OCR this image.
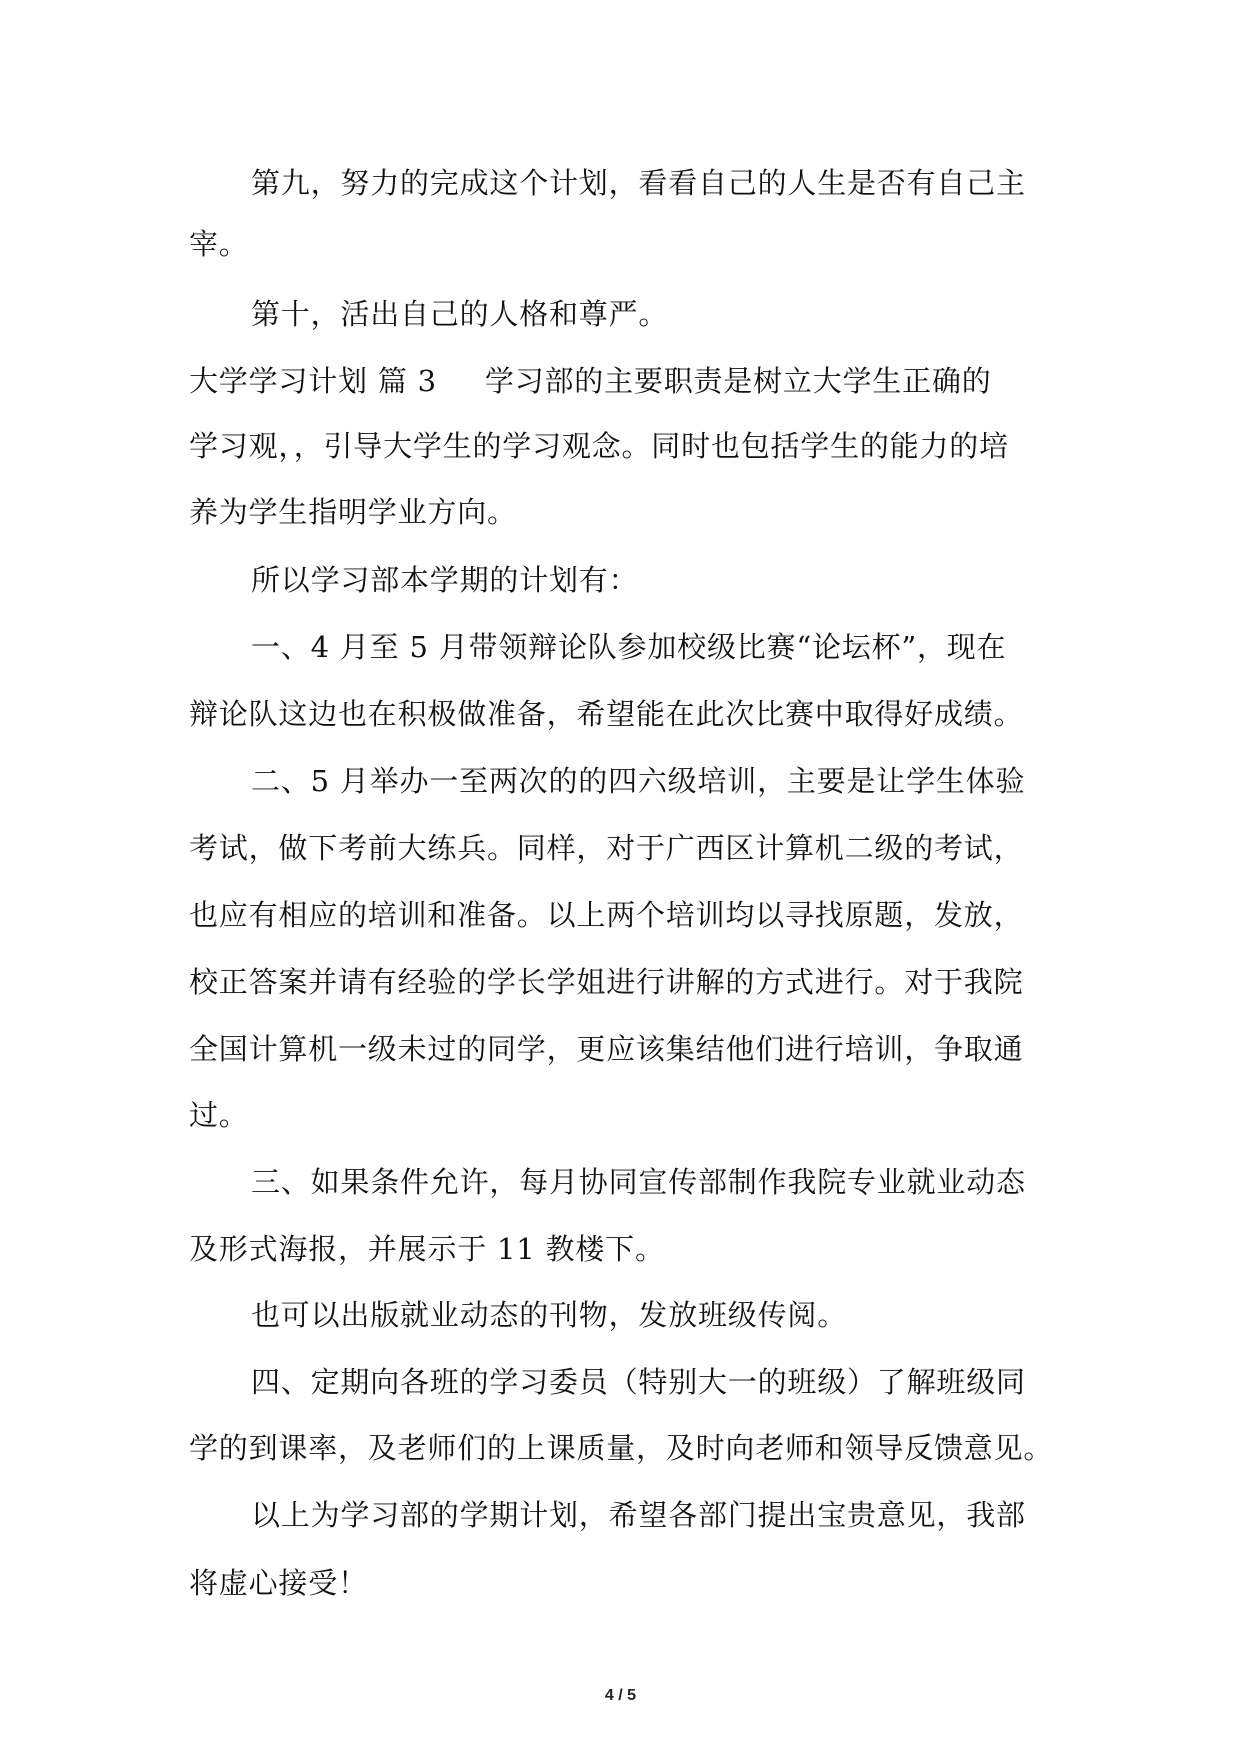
第九，努力的完成这个计划，看看自己的人生是否有自己主
宰。
第十，活出自己的人格和尊严。
大学学习计划 篇 3 学习部的主要职责是树立大学生正确的
学习观，，引导大学生的学习观念。同时也包括学生的能力的培
养为学生指明学业方向。
所以学习部本学期的计划有：
一、4 月至 5 月带领辩论队参加校级比赛“论坛杯”，现在
辩论队这边也在积极做准备，希望能在此次比赛中取得好成绩。
二、5 月举办一至两次的的四六级培训，主要是让学生体验
考试，做下考前大练兵。同样，对于广西区计算机二级的考试，
也应有相应的培训和准备。以上两个培训均以寻找原题，发放，
校正答案并请有经验的学长学姐进行讲解的方式进行。对于我院
全国计算机一级未过的同学，更应该集结他们进行培训，争取通
过。
三、如果条件允许，每月协同宣传部制作我院专业就业动态
及形式海报，并展示于 11 教楼下。
也可以出版就业动态的刊物，发放班级传阅。
四、定期向各班的学习委员（特别大一的班级）了解班级同
学的到课率，及老师们的上课质量，及时向老师和领导反馈意见。
以上为学习部的学期计划，希望各部门提出宝贵意见，我部
将虚心接受！
4 / 5
